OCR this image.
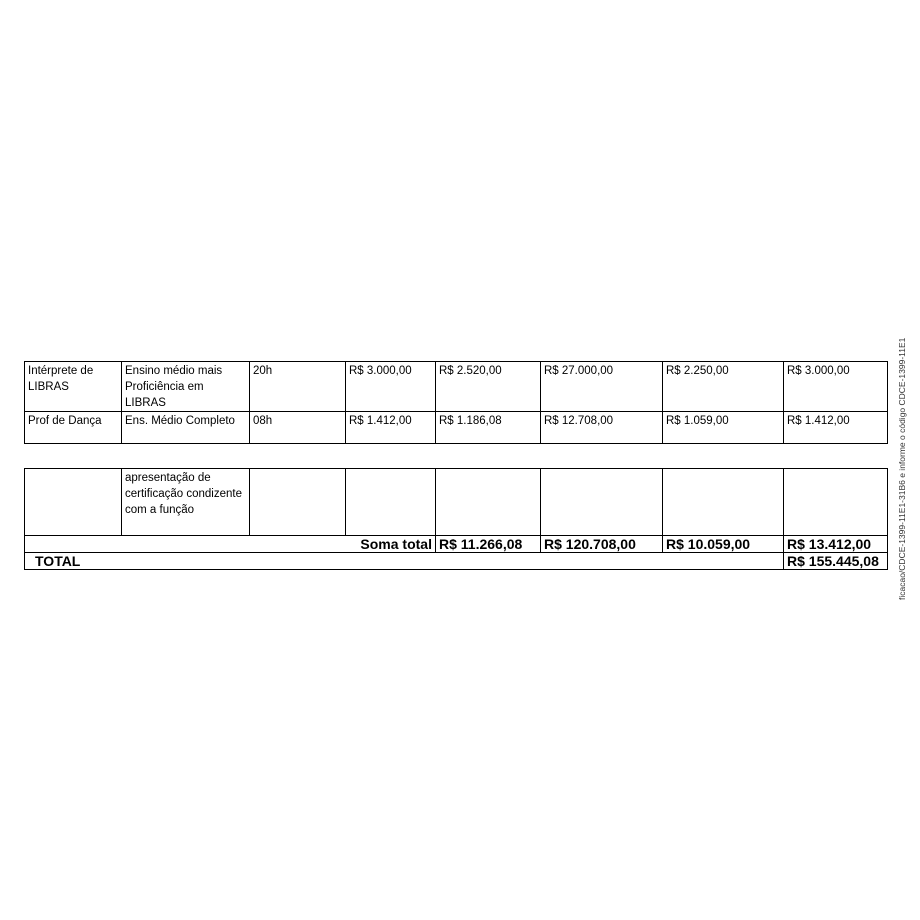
Intérprete de LIBRAS	Ensino médio mais Proficiência em LIBRAS	20h	R$ 3.000,00	R$ 2.520,00	R$ 27.000,00	R$ 2.250,00	R$ 3.000,00
Prof de Dança	Ens. Médio Completo	08h	R$ 1.412,00	R$ 1.186,08	R$ 12.708,00	R$ 1.059,00	R$ 1.412,00
	apresentação de certificação condizente com a função						
Soma total				R$ 11.266,08	R$ 120.708,00	R$ 10.059,00	R$ 13.412,00
TOTAL							R$ 155.445,08 ficacao/CDCE-1399-11E1-31B6 e informe o código CDCE-1399-11E1
